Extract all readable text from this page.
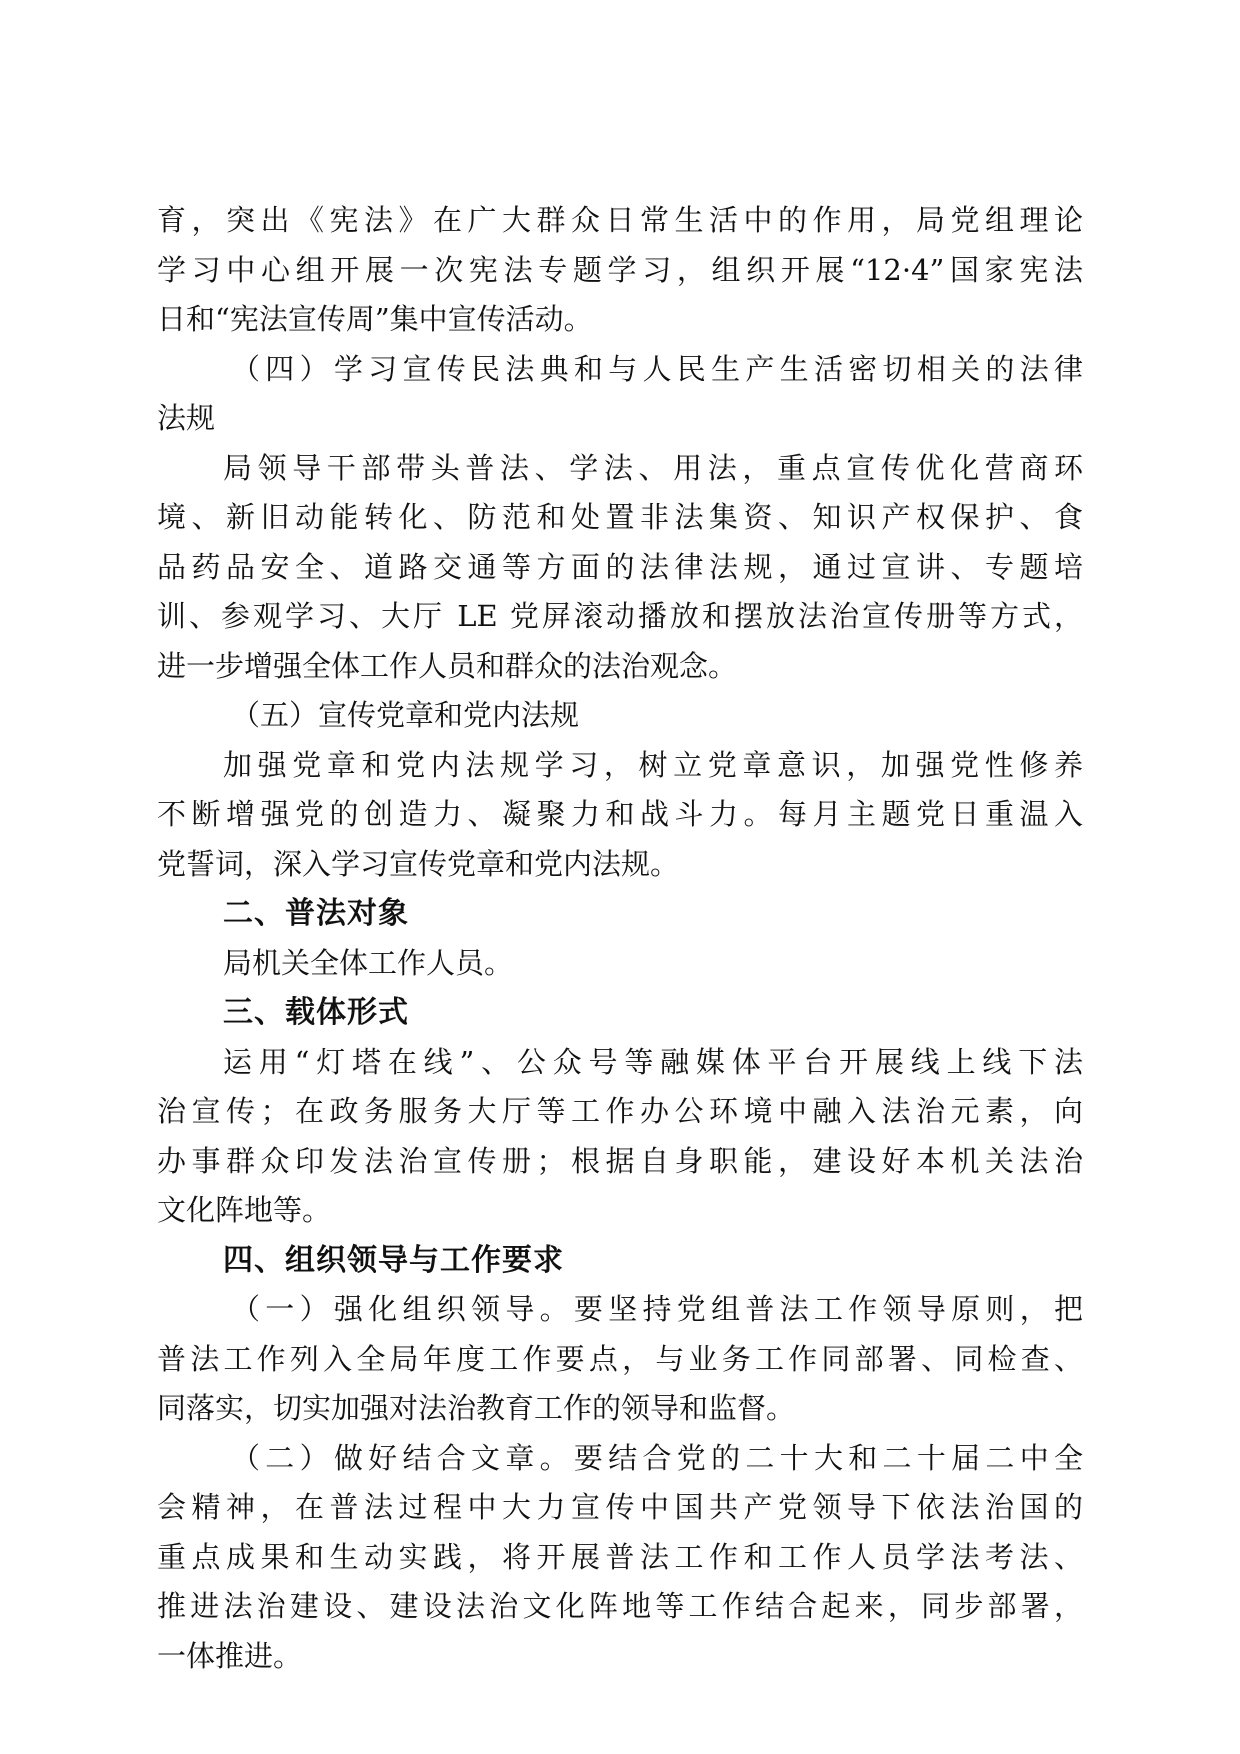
育，突出《宪法》在广大群众日常生活中的作用，局党组理论
学习中心组开展一次宪法专题学习，组织开展“12·4”国家宪法
日和“宪法宣传周”集中宣传活动。
（四）学习宣传民法典和与人民生产生活密切相关的法律
法规
局领导干部带头普法、学法、用法，重点宣传优化营商环
境、新旧动能转化、防范和处置非法集资、知识产权保护、食
品药品安全、道路交通等方面的法律法规，通过宣讲、专题培
训、参观学习、大厅 LE 党屏滚动播放和摆放法治宣传册等方式，
进一步增强全体工作人员和群众的法治观念。
（五）宣传党章和党内法规
加强党章和党内法规学习，树立党章意识，加强党性修养
不断增强党的创造力、凝聚力和战斗力。每月主题党日重温入
党誓词，深入学习宣传党章和党内法规。
二、普法对象
局机关全体工作人员。
三、载体形式
运用“灯塔在线”、公众号等融媒体平台开展线上线下法
治宣传；在政务服务大厅等工作办公环境中融入法治元素，向
办事群众印发法治宣传册；根据自身职能，建设好本机关法治
文化阵地等。
四、组织领导与工作要求
（一）强化组织领导。要坚持党组普法工作领导原则，把
普法工作列入全局年度工作要点，与业务工作同部署、同检查、
同落实，切实加强对法治教育工作的领导和监督。
（二）做好结合文章。要结合党的二十大和二十届二中全
会精神，在普法过程中大力宣传中国共产党领导下依法治国的
重点成果和生动实践，将开展普法工作和工作人员学法考法、
推进法治建设、建设法治文化阵地等工作结合起来，同步部署，
一体推进。
